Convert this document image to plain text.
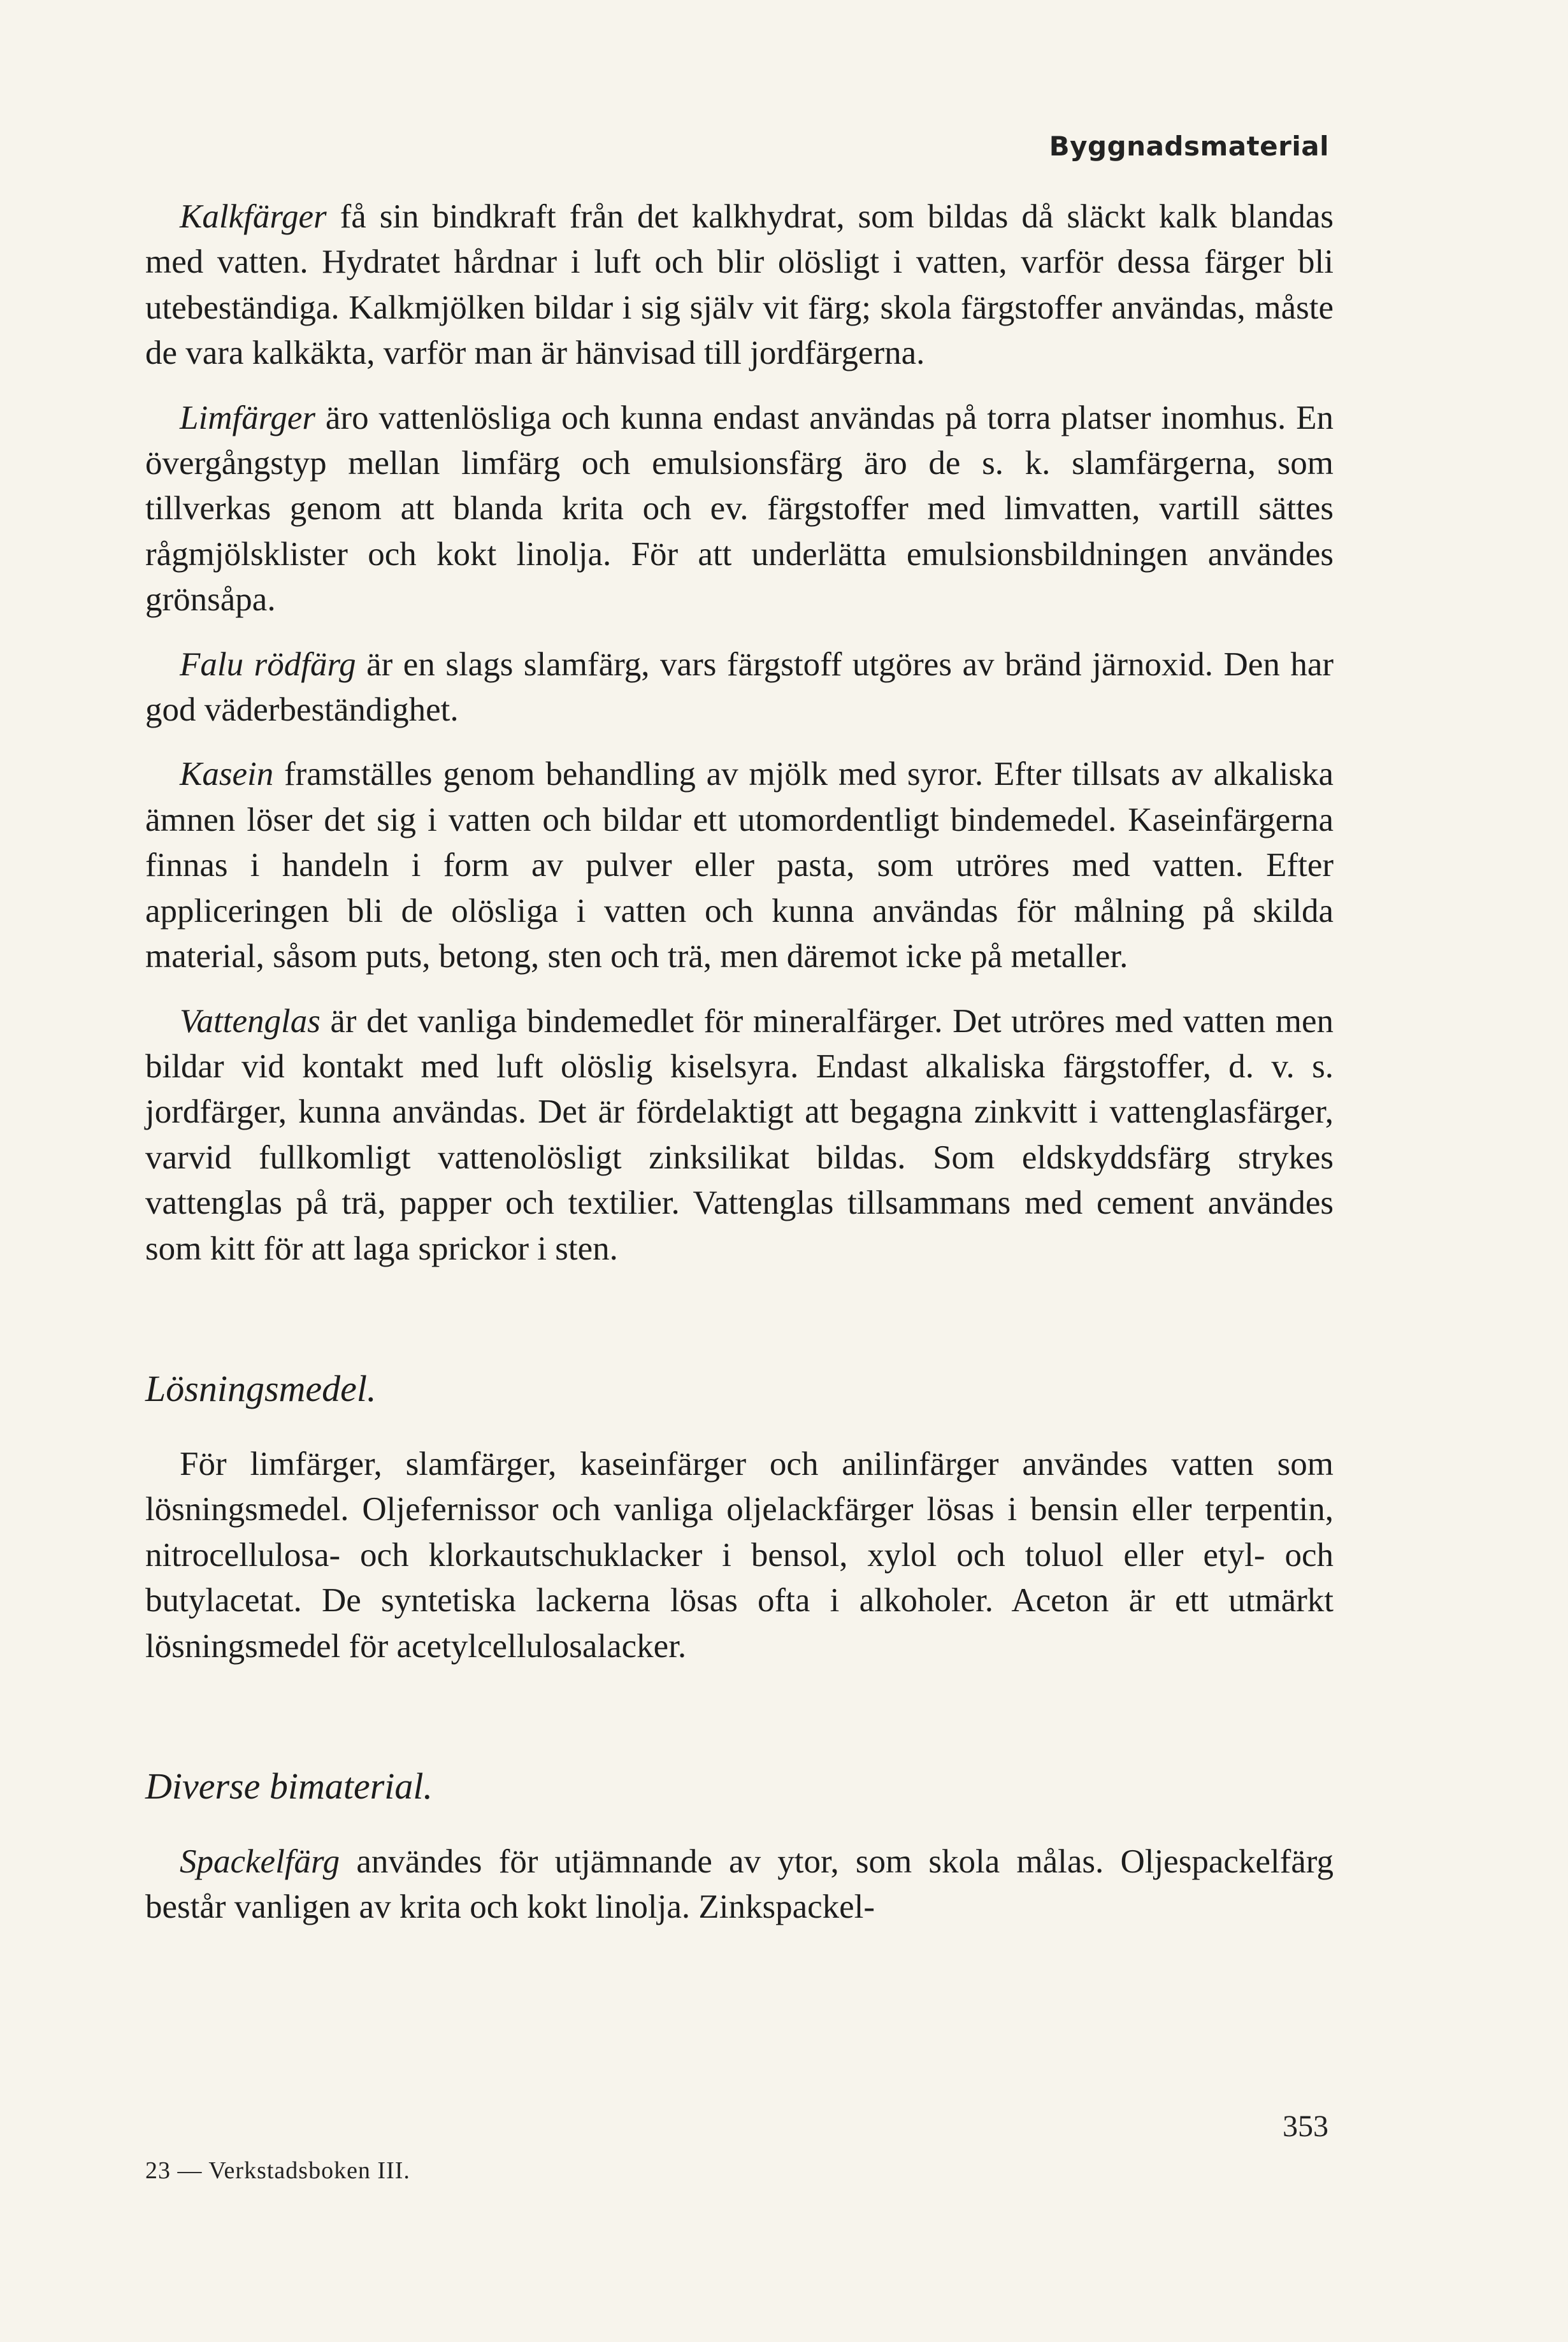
Byggnadsmaterial

Kalkfärger få sin bindkraft från det kalkhydrat, som bildas då släckt kalk blandas med vatten. Hydratet hårdnar i luft och blir olösligt i vatten, varför dessa färger bli utebeständiga. Kalkmjölken bildar i sig själv vit färg; skola färgstoffer användas, måste de vara kalkäkta, varför man är hänvisad till jordfärgerna.

Limfärger äro vattenlösliga och kunna endast användas på torra platser inomhus. En övergångstyp mellan limfärg och emulsionsfärg äro de s. k. slamfärgerna, som tillverkas genom att blanda krita och ev. färgstoffer med limvatten, vartill sättes rågmjölsklister och kokt linolja. För att underlätta emulsionsbildningen användes grönsåpa.

Falu rödfärg är en slags slamfärg, vars färgstoff utgöres av bränd järnoxid. Den har god väderbeständighet.

Kasein framställes genom behandling av mjölk med syror. Efter tillsats av alkaliska ämnen löser det sig i vatten och bildar ett utomordentligt bindemedel. Kaseinfärgerna finnas i handeln i form av pulver eller pasta, som utröres med vatten. Efter appliceringen bli de olösliga i vatten och kunna användas för målning på skilda material, såsom puts, betong, sten och trä, men däremot icke på metaller.

Vattenglas är det vanliga bindemedlet för mineralfärger. Det utröres med vatten men bildar vid kontakt med luft olöslig kiselsyra. Endast alkaliska färgstoffer, d. v. s. jordfärger, kunna användas. Det är fördelaktigt att begagna zinkvitt i vattenglasfärger, varvid fullkomligt vattenolösligt zinksilikat bildas. Som eldskyddsfärg strykes vattenglas på trä, papper och textilier. Vattenglas tillsammans med cement användes som kitt för att laga sprickor i sten.

Lösningsmedel.

För limfärger, slamfärger, kaseinfärger och anilinfärger användes vatten som lösningsmedel. Oljefernissor och vanliga oljelackfärger lösas i bensin eller terpentin, nitrocellulosa- och klorkautschuklacker i bensol, xylol och toluol eller etyl- och butylacetat. De syntetiska lackerna lösas ofta i alkoholer. Aceton är ett utmärkt lösningsmedel för acetylcellulosalacker.

Diverse bimaterial.

Spackelfärg användes för utjämnande av ytor, som skola målas. Oljespackelfärg består vanligen av krita och kokt linolja. Zinkspackel-

353
23 — Verkstadsboken III.
